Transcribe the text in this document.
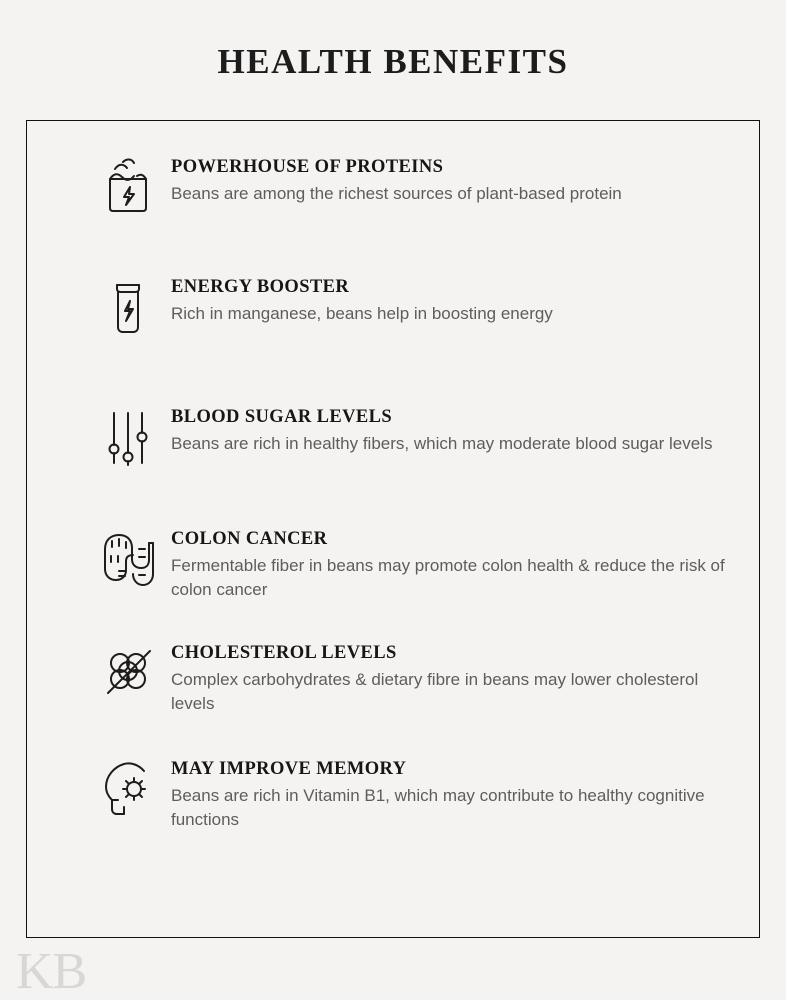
HEALTH BENEFITS

POWERHOUSE OF PROTEINS

Beans are among the richest sources of plant-based protein

ENERGY BOOSTER

Rich in manganese, beans help in boosting energy

BLOOD SUGAR LEVELS

Beans are rich in healthy fibers, which may moderate blood sugar levels

COLON CANCER

Fermentable fiber in beans may promote colon health & reduce the risk of colon cancer

CHOLESTEROL LEVELS

Complex carbohydrates & dietary fibre in beans may lower cholesterol levels

MAY IMPROVE MEMORY

Beans are rich in Vitamin B1, which may contribute to healthy cognitive functions

KB
